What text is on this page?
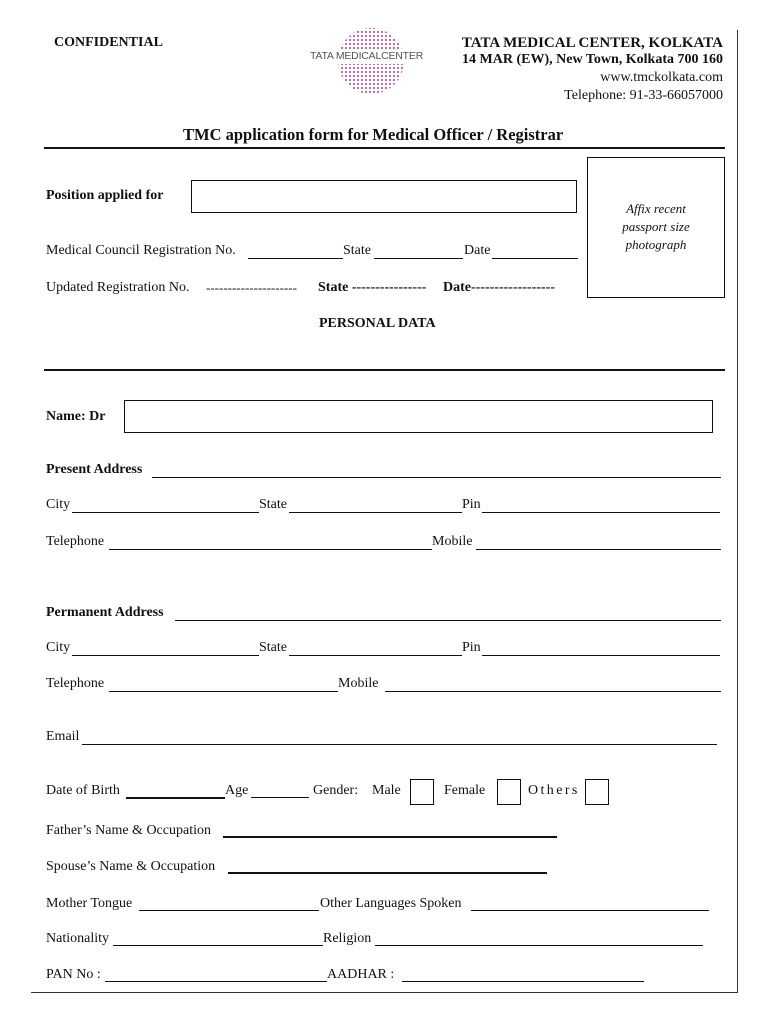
CONFIDENTIAL
TATA MEDICALCENTER
TATA MEDICAL CENTER, KOLKATA
14 MAR (EW), New Town, Kolkata 700 160
www.tmckolkata.com
Telephone: 91-33-66057000
TMC application form for Medical Officer / Registrar
Affix recent
passport size
photograph
Position applied for
Medical Council Registration No.	State	Date
Updated Registration No. --------------------- State ---------------- Date------------------
PERSONAL DATA
Name: Dr
Present Address
City	State	Pin
Telephone	Mobile
Permanent Address
City	State	Pin
Telephone	Mobile
Email
Date of Birth	Age	Gender: Male	Female	Others
Father’s Name & Occupation
Spouse’s Name & Occupation
Mother Tongue	Other Languages Spoken
Nationality	Religion
PAN No :	AADHAR :
